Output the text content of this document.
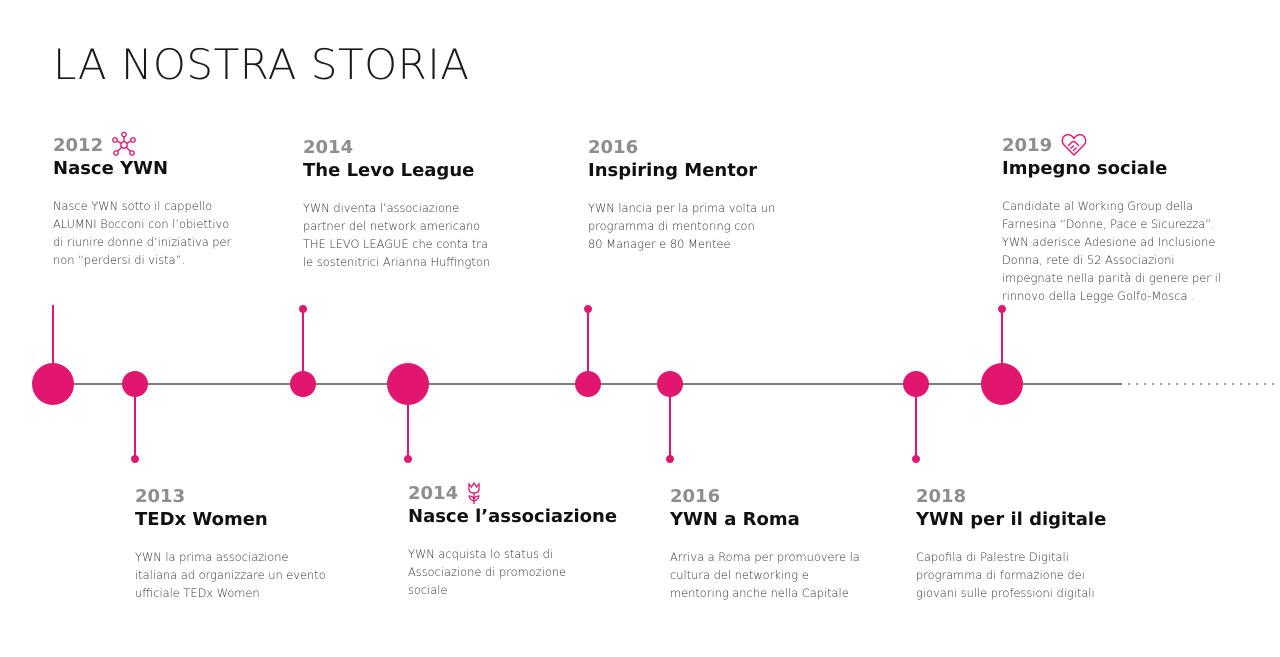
LA NOSTRA STORIA
2012
Nasce YWN
Nasce YWN sotto il cappello
ALUMNI Bocconi con l’obiettivo
di riunire donne d’iniziativa per
non “perdersi di vista”.
2013
TEDx Women
YWN la prima associazione
italiana ad organizzare un evento
ufficiale TEDx Women
2014
The Levo League
YWN diventa l’associazione
partner del network americano
THE LEVO LEAGUE che conta tra
le sostenitrici Arianna Huffington
2014
Nasce l’associazione
YWN acquista lo status di
Associazione di promozione
sociale
2016
Inspiring Mentor
YWN lancia per la prima volta un
programma di mentoring con
80 Manager e 80 Mentee
2016
YWN a Roma
Arriva a Roma per promuovere la
cultura del networking e
mentoring anche nella Capitale
2018
YWN per il digitale
Capofila di Palestre Digitali
programma di formazione dei
giovani sulle professioni digitali
2019
Impegno sociale
Candidate al Working Group della
Farnesina “Donne, Pace e Sicurezza”.
YWN aderisce Adesione ad Inclusione
Donna, rete di 52 Associazioni
impegnate nella parità di genere per il
rinnovo della Legge Golfo-Mosca .
